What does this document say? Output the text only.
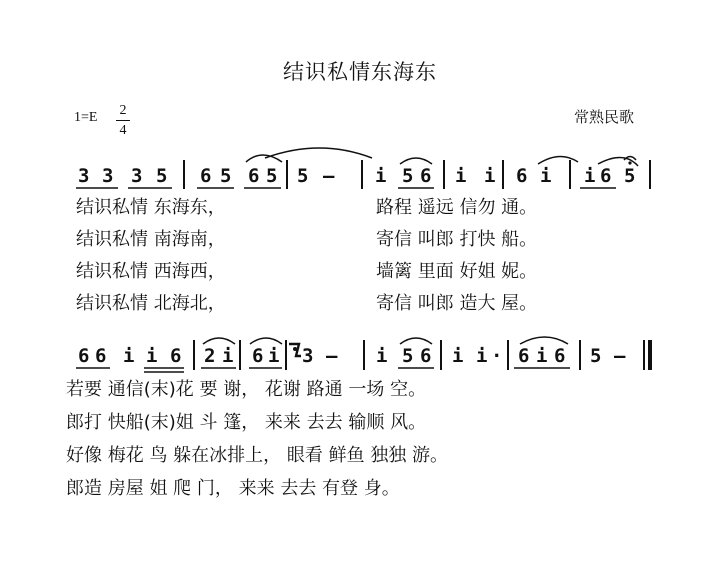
结识私情东海东
1=E 2
4
常熟民歌
3 3 3 5 6 5 6 5 5 — i 5 6 i i 6 i i 6 5
6 6 i i 6 2 i 6 i 3 — i 5 6 i i · 6 i 6 5 —
结识私情 东海东，	路程 遥远 信勿 通。
结识私情 南海南，	寄信 叫郎 打快 船。
结识私情 西海西，	墙篱 里面 好姐 妮。
结识私情 北海北，	寄信 叫郎 造大 屋。
若要 通信(末)花 要 谢， 花谢 路通 一场 空。
郎打 快船(末)姐 斗 篷， 来来 去去 输顺 风。
好像 梅花 鸟 躲在冰排上， 眼看 鲜鱼 独独 游。
郎造 房屋 姐 爬 门， 来来 去去 有登 身。
